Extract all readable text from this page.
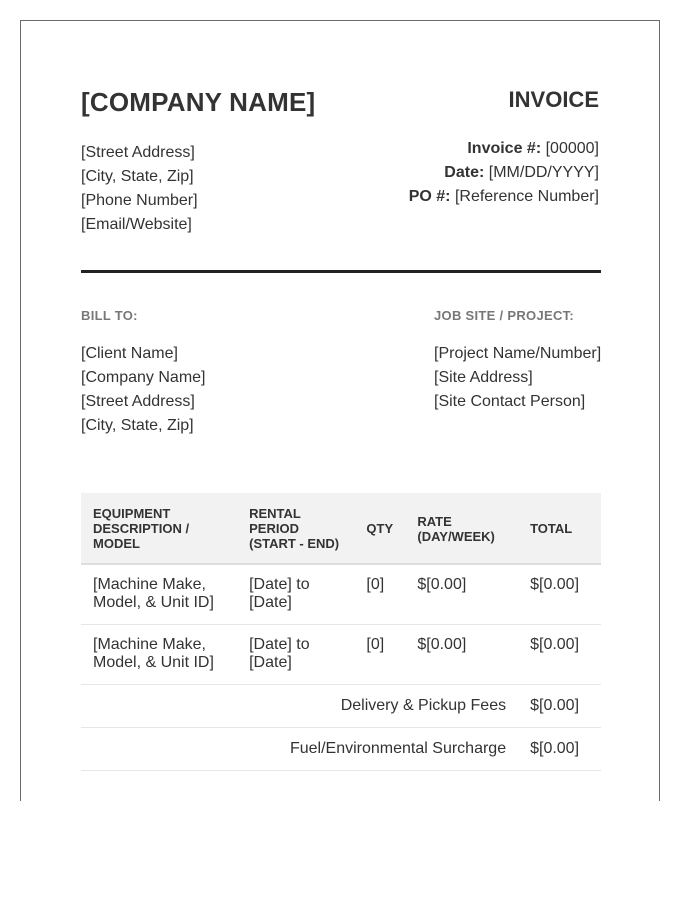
[COMPANY NAME]	INVOICE
[Street Address]
[City, State, Zip]
[Phone Number]
[Email/Website]
Invoice #: [00000]
Date: [MM/DD/YYYY]
PO #: [Reference Number]
BILL TO:	JOB SITE / PROJECT:
[Client Name]
[Company Name]
[Street Address]
[City, State, Zip]
[Project Name/Number]
[Site Address]
[Site Contact Person]
EQUIPMENT DESCRIPTION / MODEL	RENTAL PERIOD (START - END)	QTY	RATE (DAY/WEEK)	TOTAL
[Machine Make, Model, & Unit ID]	[Date] to [Date]	[0]	$[0.00]	$[0.00]
[Machine Make, Model, & Unit ID]	[Date] to [Date]	[0]	$[0.00]	$[0.00]
Delivery & Pickup Fees				$[0.00]
Fuel/Environmental Surcharge				$[0.00]
